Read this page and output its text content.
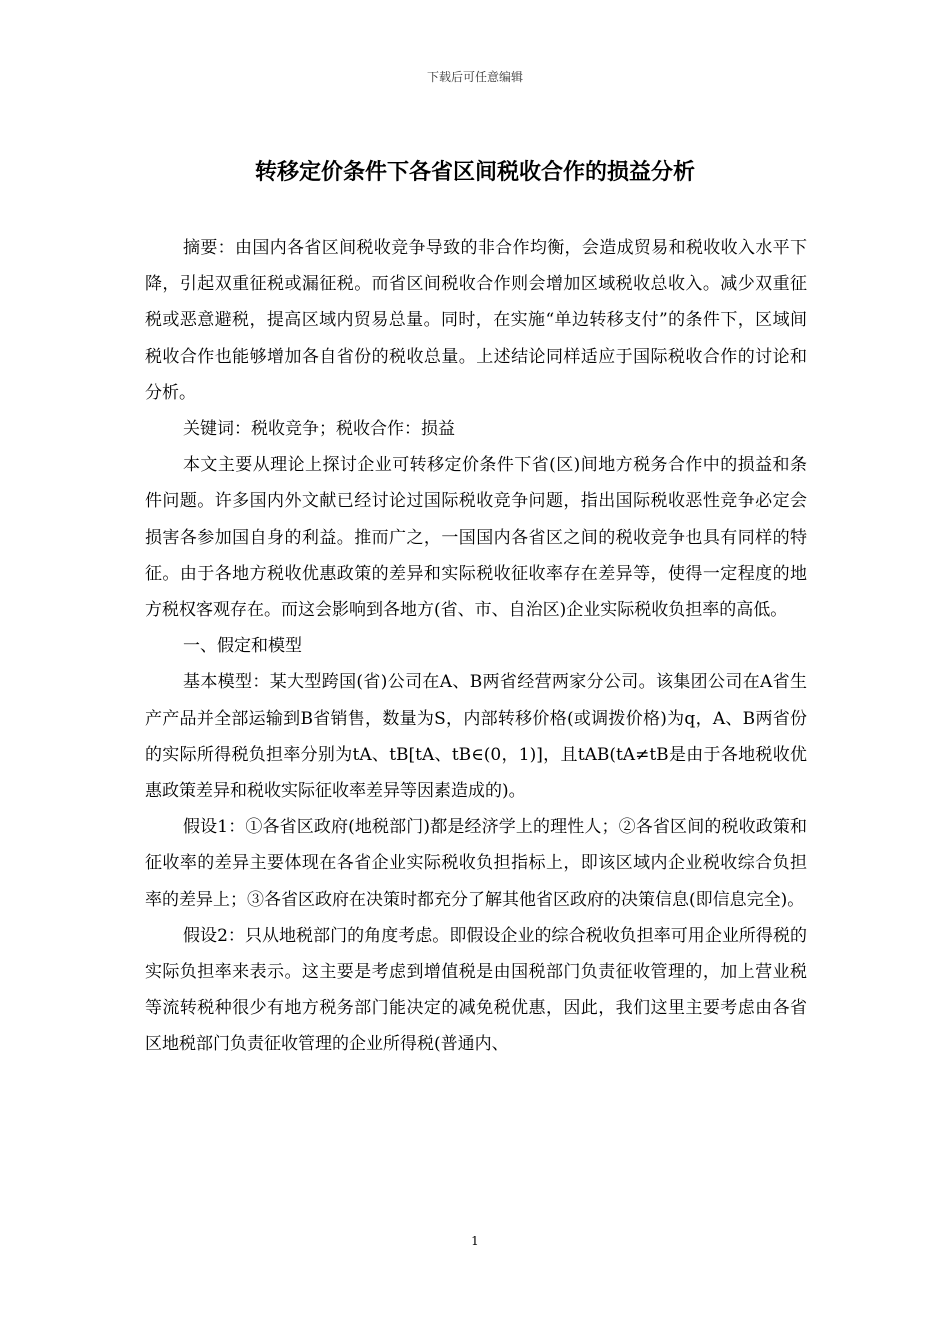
下载后可任意编辑
转移定价条件下各省区间税收合作的损益分析

摘要：由国内各省区间税收竞争导致的非合作均衡，会造成贸易和税收收入水平下降，引起双重征税或漏征税。而省区间税收合作则会增加区域税收总收入。减少双重征税或恶意避税，提高区域内贸易总量。同时，在实施“单边转移支付”的条件下，区域间税收合作也能够增加各自省份的税收总量。上述结论同样适应于国际税收合作的讨论和分析。

关键词：税收竞争；税收合作：损益

本文主要从理论上探讨企业可转移定价条件下省(区)间地方税务合作中的损益和条件问题。许多国内外文献已经讨论过国际税收竞争问题，指出国际税收恶性竞争必定会损害各参加国自身的利益。推而广之，一国国内各省区之间的税收竞争也具有同样的特征。由于各地方税收优惠政策的差异和实际税收征收率存在差异等，使得一定程度的地方税权客观存在。而这会影响到各地方(省、市、自治区)企业实际税收负担率的高低。

一、假定和模型

基本模型：某大型跨国(省)公司在A、B两省经营两家分公司。该集团公司在A省生产产品并全部运输到B省销售，数量为S，内部转移价格(或调拨价格)为q，A、B两省份的实际所得税负担率分别为tA、tB[tA、tB∈(0，1)]，且tAB(tA≠tB是由于各地税收优惠政策差异和税收实际征收率差异等因素造成的)。

假设1：①各省区政府(地税部门)都是经济学上的理性人；②各省区间的税收政策和征收率的差异主要体现在各省企业实际税收负担指标上，即该区域内企业税收综合负担率的差异上；③各省区政府在决策时都充分了解其他省区政府的决策信息(即信息完全)。

假设2：只从地税部门的角度考虑。即假设企业的综合税收负担率可用企业所得税的实际负担率来表示。这主要是考虑到增值税是由国税部门负责征收管理的，加上营业税等流转税种很少有地方税务部门能决定的减免税优惠，因此，我们这里主要考虑由各省区地税部门负责征收管理的企业所得税(普通内、

1
